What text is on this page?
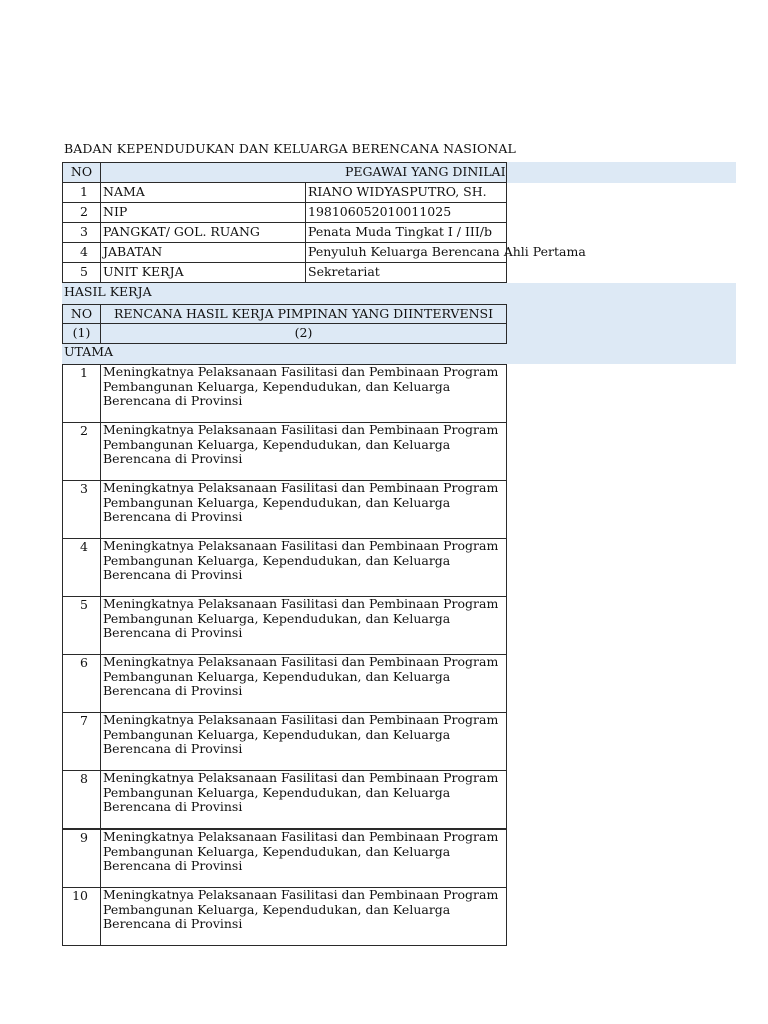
BADAN KEPENDUDUKAN DAN KELUARGA BERENCANA NASIONAL
NO	PEGAWAI YANG DINILAI
1	NAMA	RIANO WIDYASPUTRO, SH.
2	NIP	198106052010011025
3	PANGKAT/ GOL. RUANG	Penata Muda Tingkat I / III/b
4	JABATAN	Penyuluh Keluarga Berencana Ahli Pertama
5	UNIT KERJA	Sekretariat
HASIL KERJA
NO	RENCANA HASIL KERJA PIMPINAN YANG DIINTERVENSI
(1)	(2)
UTAMA
1	Meningkatnya Pelaksanaan Fasilitasi dan Pembinaan Program Pembangunan Keluarga, Kependudukan, dan Keluarga Berencana di Provinsi
2	Meningkatnya Pelaksanaan Fasilitasi dan Pembinaan Program Pembangunan Keluarga, Kependudukan, dan Keluarga Berencana di Provinsi
3	Meningkatnya Pelaksanaan Fasilitasi dan Pembinaan Program Pembangunan Keluarga, Kependudukan, dan Keluarga Berencana di Provinsi
4	Meningkatnya Pelaksanaan Fasilitasi dan Pembinaan Program Pembangunan Keluarga, Kependudukan, dan Keluarga Berencana di Provinsi
5	Meningkatnya Pelaksanaan Fasilitasi dan Pembinaan Program Pembangunan Keluarga, Kependudukan, dan Keluarga Berencana di Provinsi
6	Meningkatnya Pelaksanaan Fasilitasi dan Pembinaan Program Pembangunan Keluarga, Kependudukan, dan Keluarga Berencana di Provinsi
7	Meningkatnya Pelaksanaan Fasilitasi dan Pembinaan Program Pembangunan Keluarga, Kependudukan, dan Keluarga Berencana di Provinsi
8	Meningkatnya Pelaksanaan Fasilitasi dan Pembinaan Program Pembangunan Keluarga, Kependudukan, dan Keluarga Berencana di Provinsi
9	Meningkatnya Pelaksanaan Fasilitasi dan Pembinaan Program Pembangunan Keluarga, Kependudukan, dan Keluarga Berencana di Provinsi
10	Meningkatnya Pelaksanaan Fasilitasi dan Pembinaan Program Pembangunan Keluarga, Kependudukan, dan Keluarga Berencana di Provinsi
